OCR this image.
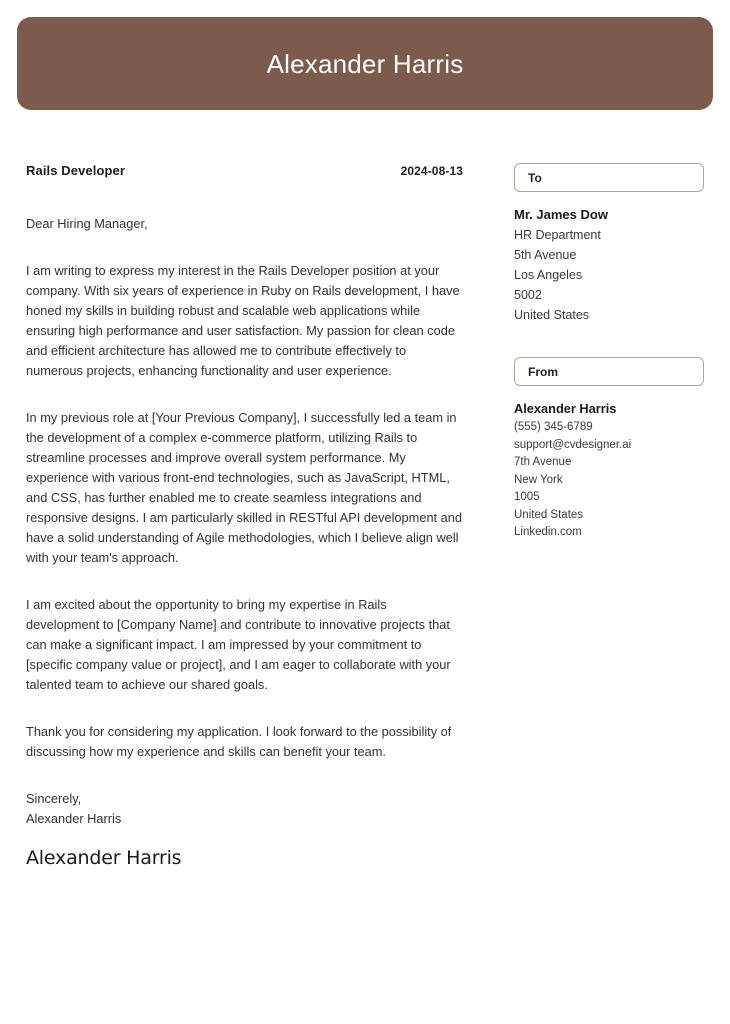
Alexander Harris
Rails Developer	2024-08-13
Dear Hiring Manager,

I am writing to express my interest in the Rails Developer position at your company. With six years of experience in Ruby on Rails development, I have honed my skills in building robust and scalable web applications while ensuring high performance and user satisfaction. My passion for clean code and efficient architecture has allowed me to contribute effectively to numerous projects, enhancing functionality and user experience.

In my previous role at [Your Previous Company], I successfully led a team in the development of a complex e-commerce platform, utilizing Rails to streamline processes and improve overall system performance. My experience with various front-end technologies, such as JavaScript, HTML, and CSS, has further enabled me to create seamless integrations and responsive designs. I am particularly skilled in RESTful API development and have a solid understanding of Agile methodologies, which I believe align well with your team's approach.

I am excited about the opportunity to bring my expertise in Rails development to [Company Name] and contribute to innovative projects that can make a significant impact. I am impressed by your commitment to [specific company value or project], and I am eager to collaborate with your talented team to achieve our shared goals.

Thank you for considering my application. I look forward to the possibility of discussing how my experience and skills can benefit your team.

Sincerely,
Alexander Harris
Alexander Harris
To
Mr. James Dow
HR Department
5th Avenue
Los Angeles
5002
United States
From
Alexander Harris
(555) 345-6789
support@cvdesigner.ai
7th Avenue
New York
1005
United States
Linkedin.com
